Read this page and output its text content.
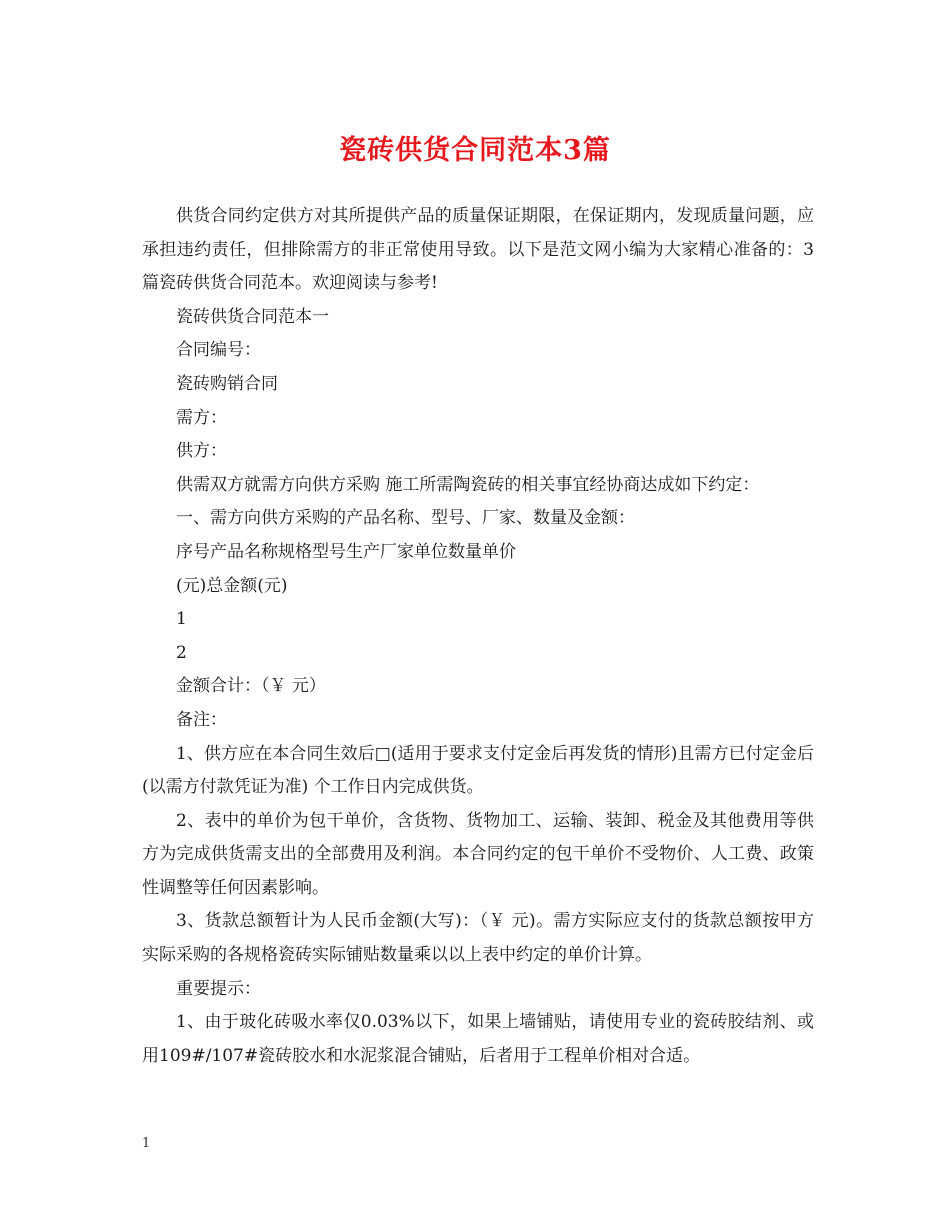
瓷砖供货合同范本3篇

供货合同约定供方对其所提供产品的质量保证期限，在保证期内，发现质量问题，应承担违约责任，但排除需方的非正常使用导致。以下是范文网小编为大家精心准备的：3篇瓷砖供货合同范本。欢迎阅读与参考!

瓷砖供货合同范本一

合同编号：

瓷砖购销合同

需方：

供方：

供需双方就需方向供方采购 施工所需陶瓷砖的相关事宜经协商达成如下约定：

一、需方向供方采购的产品名称、型号、厂家、数量及金额：

序号产品名称规格型号生产厂家单位数量单价

(元)总金额(元)

1

2

金额合计：（￥ 元）

备注：

1、供方应在本合同生效后□(适用于要求支付定金后再发货的情形)且需方已付定金后(以需方付款凭证为准) 个工作日内完成供货。

2、表中的单价为包干单价，含货物、货物加工、运输、装卸、税金及其他费用等供方为完成供货需支出的全部费用及利润。本合同约定的包干单价不受物价、人工费、政策性调整等任何因素影响。

3、货款总额暂计为人民币金额(大写)：（￥ 元)。需方实际应支付的货款总额按甲方实际采购的各规格瓷砖实际铺贴数量乘以以上表中约定的单价计算。

重要提示：

1、由于玻化砖吸水率仅0.03%以下，如果上墙铺贴，请使用专业的瓷砖胶结剂、或用109#/107#瓷砖胶水和水泥浆混合铺贴，后者用于工程单价相对合适。

1
